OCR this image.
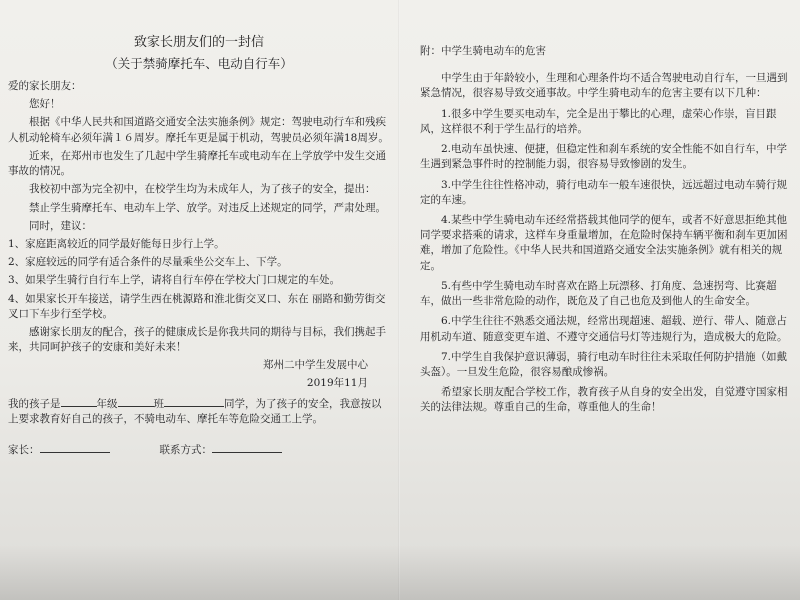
致家长朋友们的一封信
（关于禁骑摩托车、电动自行车）

爱的家长朋友：

您好！

根据《中华人民共和国道路交通安全法实施条例》规定：驾驶电动行车和残疾人机动轮椅车必须年满１６周岁。摩托车更是属于机动，驾驶员必须年满18周岁。

近来，在郑州市也发生了几起中学生骑摩托车或电动车在上学放学中发生交通事故的情况。

我校初中部为完全初中，在校学生均为未成年人，为了孩子的安全，提出：

禁止学生骑摩托车、电动车上学、放学。对违反上述规定的同学，严肃处理。

同时，建议：

1、家庭距离较近的同学最好能每日步行上学。

2、家庭较远的同学有适合条件的尽量乘坐公交车上、下学。

3、如果学生骑行自行车上学，请将自行车停在学校大门口规定的车处。

4、如果家长开车接送，请学生西在桃源路和淮北街交叉口、东在 丽路和勤劳街交叉口下车步行至学校。

感谢家长朋友的配合，孩子的健康成长是你我共同的期待与目标，我们携起手来，共同呵护孩子的安康和美好未来！

郑州二中学生发展中心
2019年11月
我的孩子是	年级	班	同学，为了孩子的安全，我意按以上要求教育好自己的孩子，不骑电动车、摩托车等危险交通工上学。
家长：	联系方式：
附：中学生骑电动车的危害

中学生由于年龄较小，生理和心理条件均不适合驾驶电动自行车，一旦遇到紧急情况，很容易导致交通事故。中学生骑电动车的危害主要有以下几种：

1.很多中学生要买电动车，完全是出于攀比的心理，虚荣心作崇，盲目跟风，这样很不利于学生品行的培养。

2.电动车虽快速、便捷，但稳定性和刹车系统的安全性能不如自行车，中学生遇到紧急事件时的控制能力弱，很容易导致惨剧的发生。

3.中学生往往性格冲动，骑行电动车一般车速很快，远远超过电动车骑行规定的车速。

4.某些中学生骑电动车还经常搭载其他同学的便车，或者不好意思拒绝其他同学要求搭乘的请求，这样车身重量增加，在危险时保持车辆平衡和刹车更加困难，增加了危险性。《中华人民共和国道路交通安全法实施条例》就有相关的规定。

5.有些中学生骑电动车时喜欢在路上玩漂移、打角度、急速拐弯、比赛超车，做出一些非常危险的动作，既危及了自己也危及到他人的生命安全。

6.中学生往往不熟悉交通法规，经常出现超速、超载、逆行、带人、随意占用机动车道、随意变更车道、不遵守交通信号灯等违规行为，造成极大的危险。

7.中学生自我保护意识薄弱，骑行电动车时往往未采取任何防护措施（如戴头盔）。一旦发生危险，很容易酿成惨祸。

希望家长朋友配合学校工作，教育孩子从自身的安全出发，自觉遵守国家相关的法律法规。尊重自己的生命，尊重他人的生命！
